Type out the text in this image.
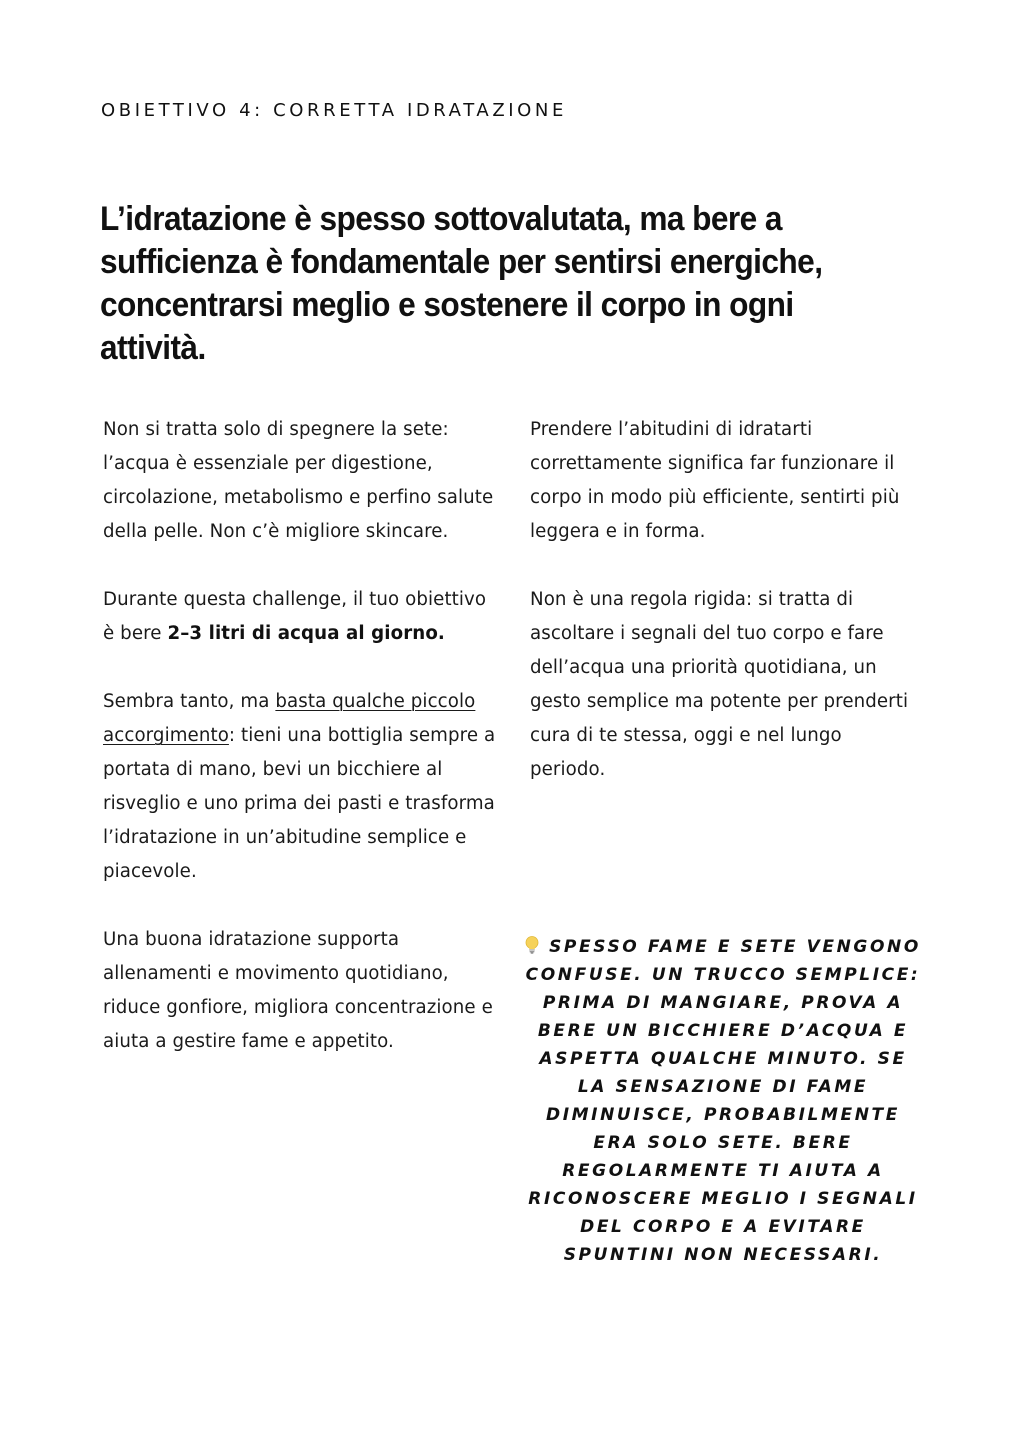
OBIETTIVO 4: CORRETTA IDRATAZIONE
L’idratazione è spesso sottovalutata, ma bere a sufficienza è fondamentale per sentirsi energiche, concentrarsi meglio e sostenere il corpo in ogni attività.

Non si tratta solo di spegnere la sete: l’acqua è essenziale per digestione, circolazione, metabolismo e perfino salute della pelle. Non c’è migliore skincare.

Durante questa challenge, il tuo obiettivo è bere 2–3 litri di acqua al giorno.

Sembra tanto, ma basta qualche piccolo accorgimento: tieni una bottiglia sempre a portata di mano, bevi un bicchiere al risveglio e uno prima dei pasti e trasforma l’idratazione in un’abitudine semplice e piacevole.

Una buona idratazione supporta allenamenti e movimento quotidiano, riduce gonfiore, migliora concentrazione e aiuta a gestire fame e appetito.

Prendere l’abitudini di idratarti correttamente significa far funzionare il corpo in modo più efficiente, sentirti più leggera e in forma.

Non è una regola rigida: si tratta di ascoltare i segnali del tuo corpo e fare dell’acqua una priorità quotidiana, un gesto semplice ma potente per prenderti cura di te stessa, oggi e nel lungo periodo.

SPESSO FAME E SETE VENGONO CONFUSE. UN TRUCCO SEMPLICE: PRIMA DI MANGIARE, PROVA A BERE UN BICCHIERE D’ACQUA E ASPETTA QUALCHE MINUTO. SE LA SENSAZIONE DI FAME DIMINUISCE, PROBABILMENTE ERA SOLO SETE. BERE REGOLARMENTE TI AIUTA A RICONOSCERE MEGLIO I SEGNALI DEL CORPO E A EVITARE SPUNTINI NON NECESSARI.
